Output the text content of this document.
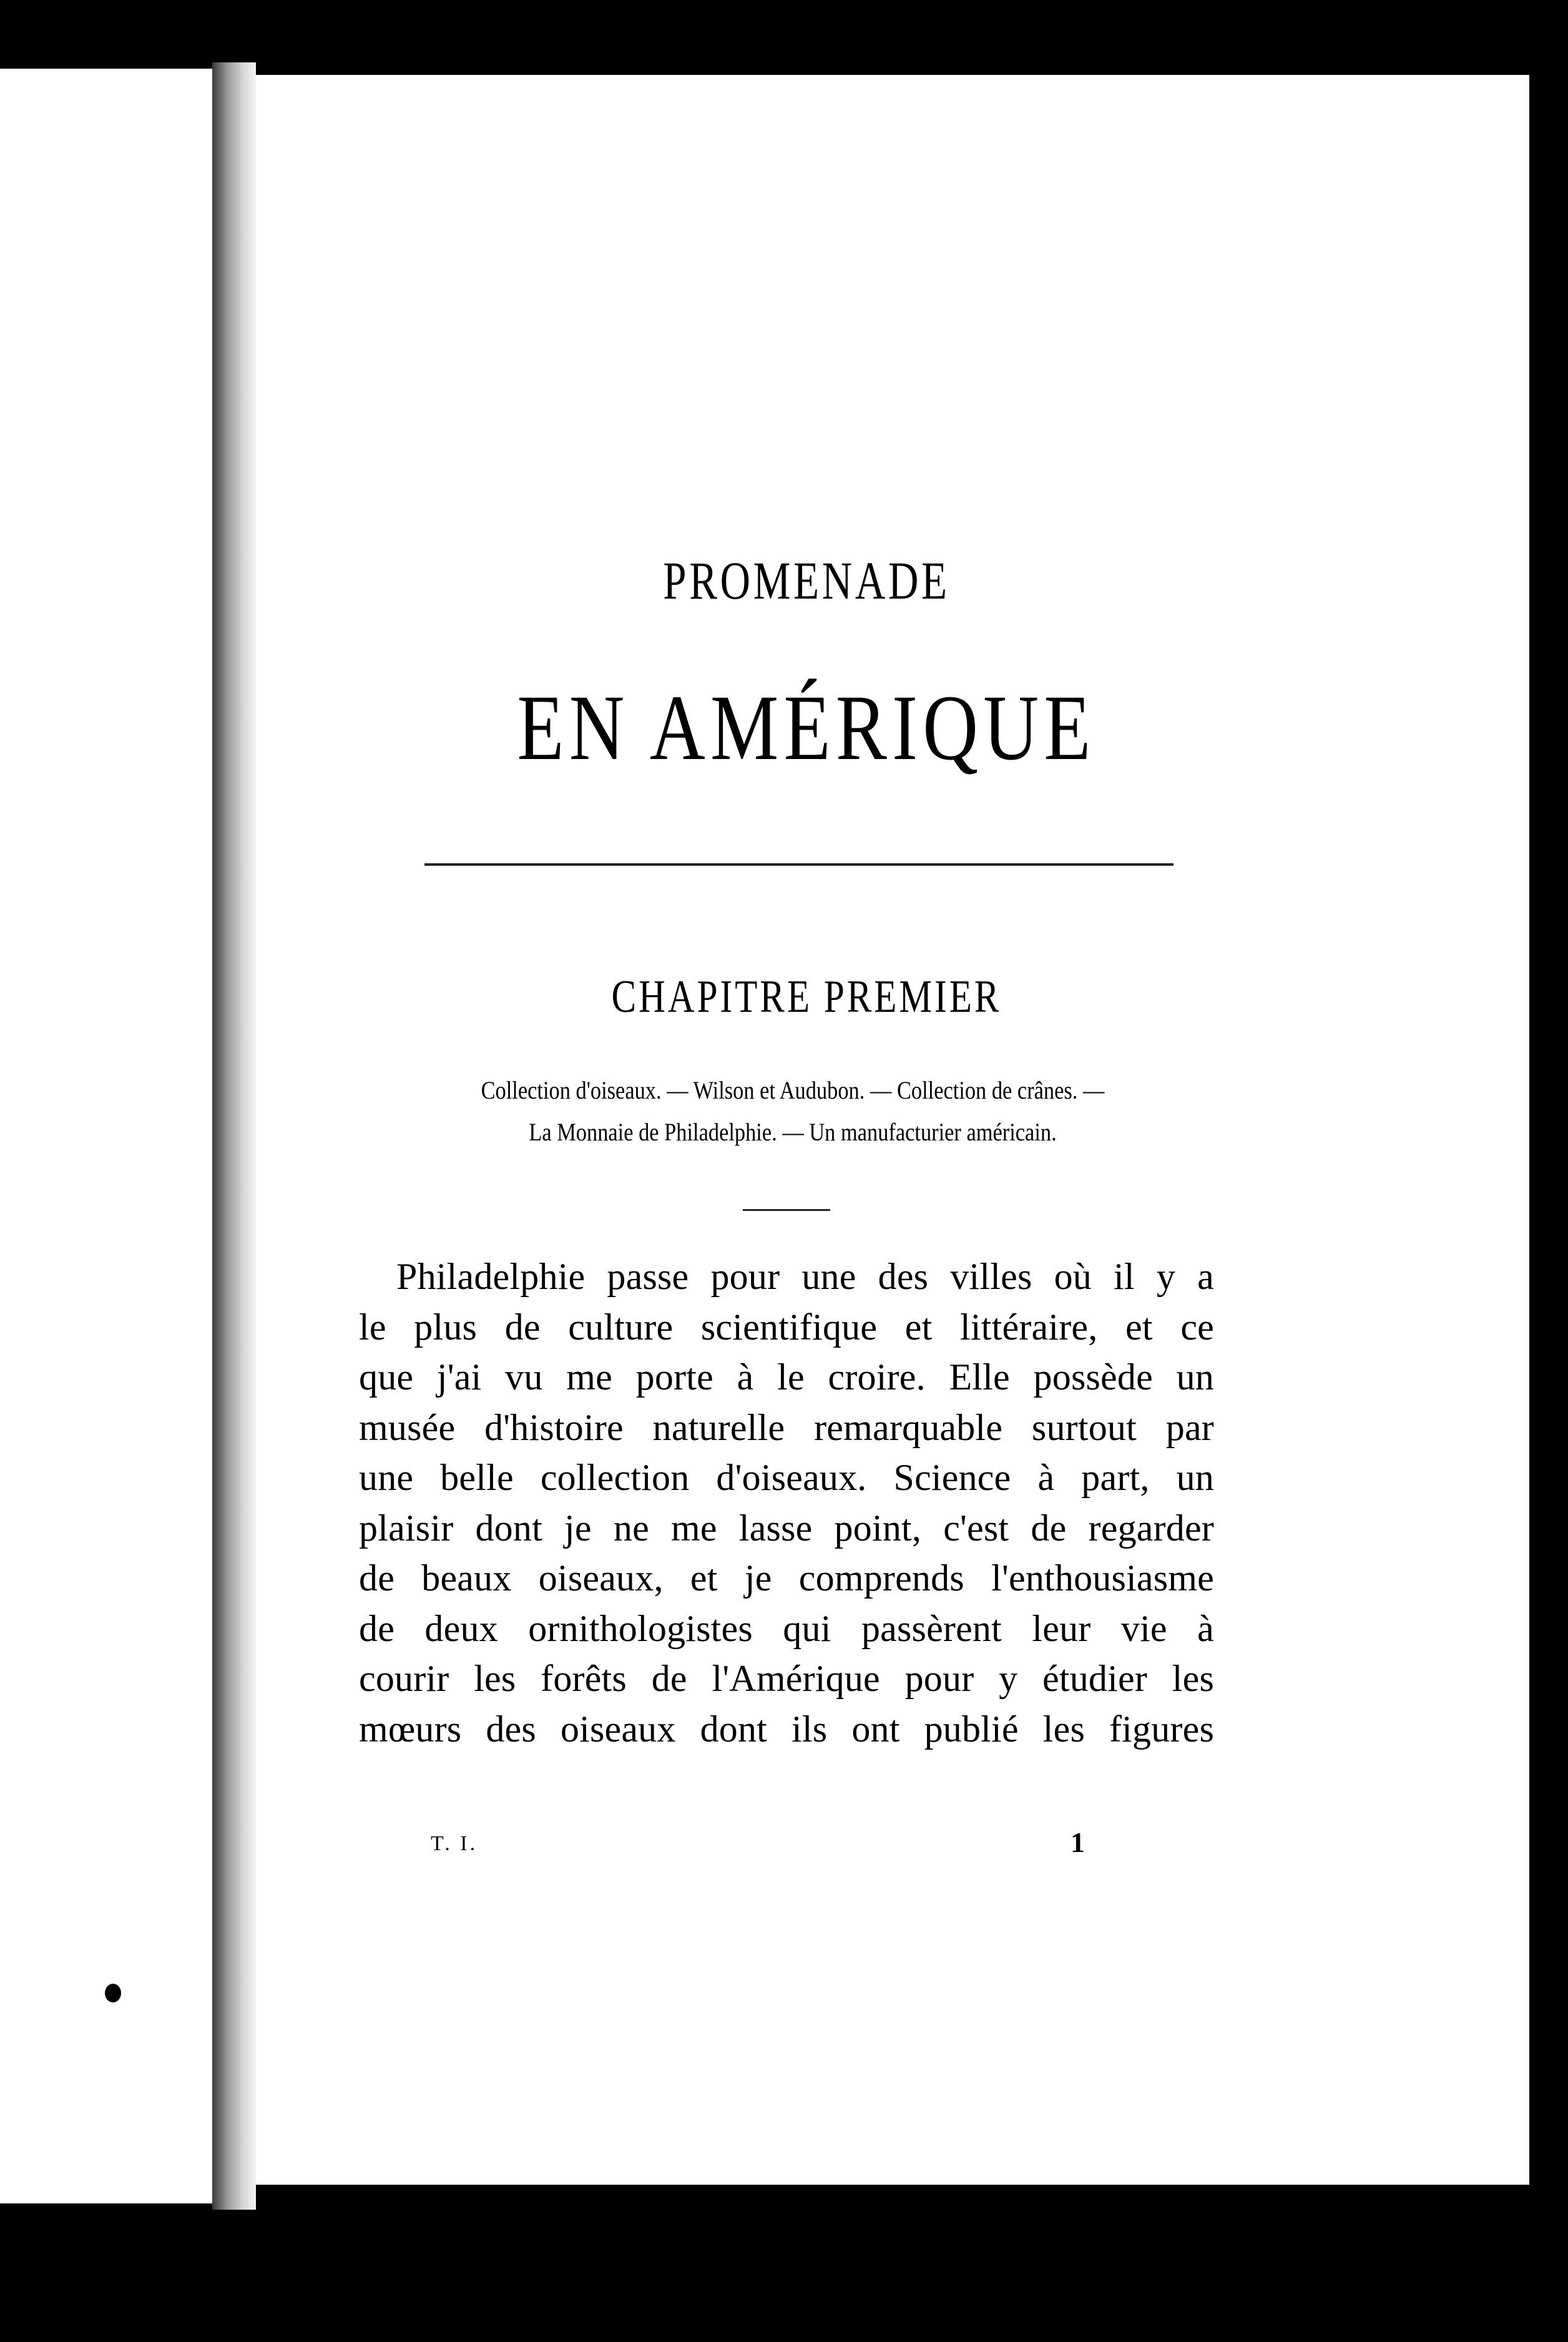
PROMENADE
EN AMÉRIQUE
CHAPITRE PREMIER

Collection d'oiseaux. — Wilson et Audubon. — Collection de crânes. —

La Monnaie de Philadelphie. — Un manufacturier américain.

Philadelphie passe pour une des villes où il y a
le plus de culture scientifique et littéraire, et ce
que j'ai vu me porte à le croire. Elle possède un
musée d'histoire naturelle remarquable surtout par
une belle collection d'oiseaux. Science à part, un
plaisir dont je ne me lasse point, c'est de regarder
de beaux oiseaux, et je comprends l'enthousiasme
de deux ornithologistes qui passèrent leur vie à
courir les forêts de l'Amérique pour y étudier les
mœurs des oiseaux dont ils ont publié les figures
T. I.	1
